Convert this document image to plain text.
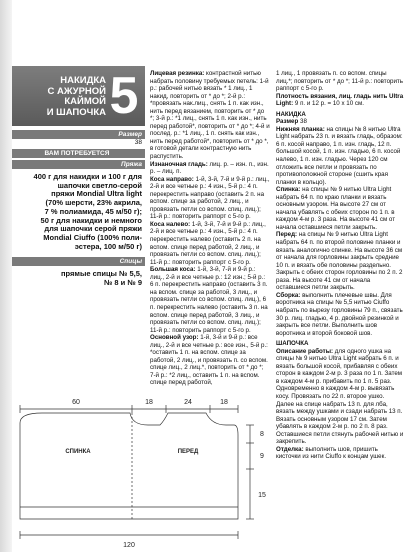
НАКИДКА
С АЖУРНОЙ
КАЙМОЙ
И ШАПОЧКА 5
Размер
38
ВАМ ПОТРЕБУЕТСЯ
Пряжа
400 г для накидки и 100 г для
шапочки светло-серой
пряжи Mondial Ultra light
(70% шерсти, 23% акрила,
7 % полиамида, 45 м/50 г);
50 г для накидки и немного
для шапочки серой пряжи
Mondial Ciuffo (100% поли-
эстера, 100 м/50 г)
Спицы
прямые спицы № 5,5,
№ 8 и № 9

Лицевая резинка: контрастной нитью набрать половину требуемых петель: 1-й р.: рабочей нитью вязать * 1 лиц., 1 накид, повторить от * до *; 2-й р.: *провязать нак.лиц., снять 1 п. как изн., нить перед вязанием, повторить от * до *; 3-й р.: *1 лиц., снять 1 п. как изн., нить перед работой*, повторить от * до *; 4-й и послед. р.: *1 лиц., 1 п. снять как изн., нить перед работой*, повторить от * до *, в готовой детали контрастную нить распустить.

Изнаночная гладь: лиц. р. – изн. п., изн. р. – лиц. п.

Коса направо: 1-й, 3-й, 7-й и 9-й р.: лиц., 2-й и все четные р.: 4 изн., 5-й р.: 4 п. перекрестить направо (оставить 2 п. на вспом. спице за работой, 2 лиц., и провязать петли со вспом. спиц. лиц.); 11-й р.: повторить раппорт с 5-го р.

Коса налево: 1-й, 3-й, 7-й и 9-й р.: лиц., 2-й и все четные р.: 4 изн., 5-й р.: 4 п. перекрестить налево (оставить 2 п. на вспом. спице перед работой, 2 лиц., и провязать петли со вспом. спиц. лиц.); 11-й р.: повторить раппорт с 5-го р.

Большая коса: 1-й, 3-й, 7-й и 9-й р.: лиц., 2-й и все четные р.: 12 изн.; 5-й р.: 6 п. перекрестить направо (оставить 3 п. на вспом. спице за работой, 3 лиц., и провязать петли со вспом. спиц. лиц.), 6 п. перекрестить налево (оставить 3 п. на вспом. спице перед работой, 3 лиц., и провязать петли со вспом. спиц. лиц.); 11-й р.: повторить раппорт с 5-го р.

Основной узор: 1-й, 3-й и 9-й р.: все лиц., 2-й и все четные р.: все изн., 5-й р.: *оставить 1 п. на вспом. спице за работой, 2 лиц., и провязать п. со вспом. спице лиц., 2 лиц.*, повторить от * до *; 7-й р.: *2 лиц., оставить 1 п. на вспом. спице перед работой,

1 лиц., 1 провязать п. со вспом. спицы лиц.*; повторить от * до *; 11-й р.: повторить раппорт с 5-го р.

Плотность вязания, лиц. гладь нить Ultra Light: 9 п. и 12 р. = 10 х 10 см.

НАКИДКА

Размер 38

Нижняя планка: на спицы № 8 нитью Ultra Light набрать 23 п. и вязать гладь, образом: 6 п. косой направо, 1 п. изн. гладь, 12 п. большой косой, 1 п. изн. гладью, 6 п. косой налево, 1 п. изн. гладью. Через 120 см отложить все петли и провязать по противоположной стороне (сшить края планки в кольцо).

Спинка: на спицы № 9 нитью Ultra Light набрать 64 п. по краю планки и вязать основным узором. На высоте 27 см от начала убавлять с обеих сторон по 1 п. в каждом 4-м р. 3 раза. На высоте 41 см от начала оставшиеся петли закрыть.

Перед: на спицы № 9 нитью Ultra Light набрать 64 п. по второй половине планки и вязать аналогично спинке. На высоте 36 см от начала для горловины закрыть средние 10 п. и вязать обе половины раздельно. Закрыть с обеих сторон горловины по 2 п. 2 раза. На высоте 41 см от начала оставшиеся петли закрыть.

Сборка: выполнить плечевые швы. Для воротника на спицы № 5,5 нитью Ciuffo набрать по вырезу горловины 79 п., связать 30 р. лиц. гладью, 4 р. двойной резинкой и закрыть все петли. Выполнить шов воротника и второй боковой шов.

ШАПОЧКА

Описание работы: для одного ушка на спицы № 9 нитью Ultra Light набрать 6 п. и вязать большой косой, прибавляя с обеих сторон в каждом 2-м р. 3 раза по 1 п. Затем в каждом 4-м р. прибавить по 1 п. 5 раз. Одновременно в каждом 4-м р. вывязать косу. Провязать по 22 п. второе ушко. Далее на спице набрать 13 п. для лба, вязать между ушками и сзади набрать 13 п. Вязать основным узором 17 см. Затем убавлять в каждом 2-м р. по 2 п. 8 раз. Оставшиеся петли стянуть рабочей нитью и закрепить.

Отделка: выполнить шов, пришить кисточки из нити Ciuffo к концам ушек.

60	18	24	18
СПИНКА	ПЕРЕД
8
9
15
120
